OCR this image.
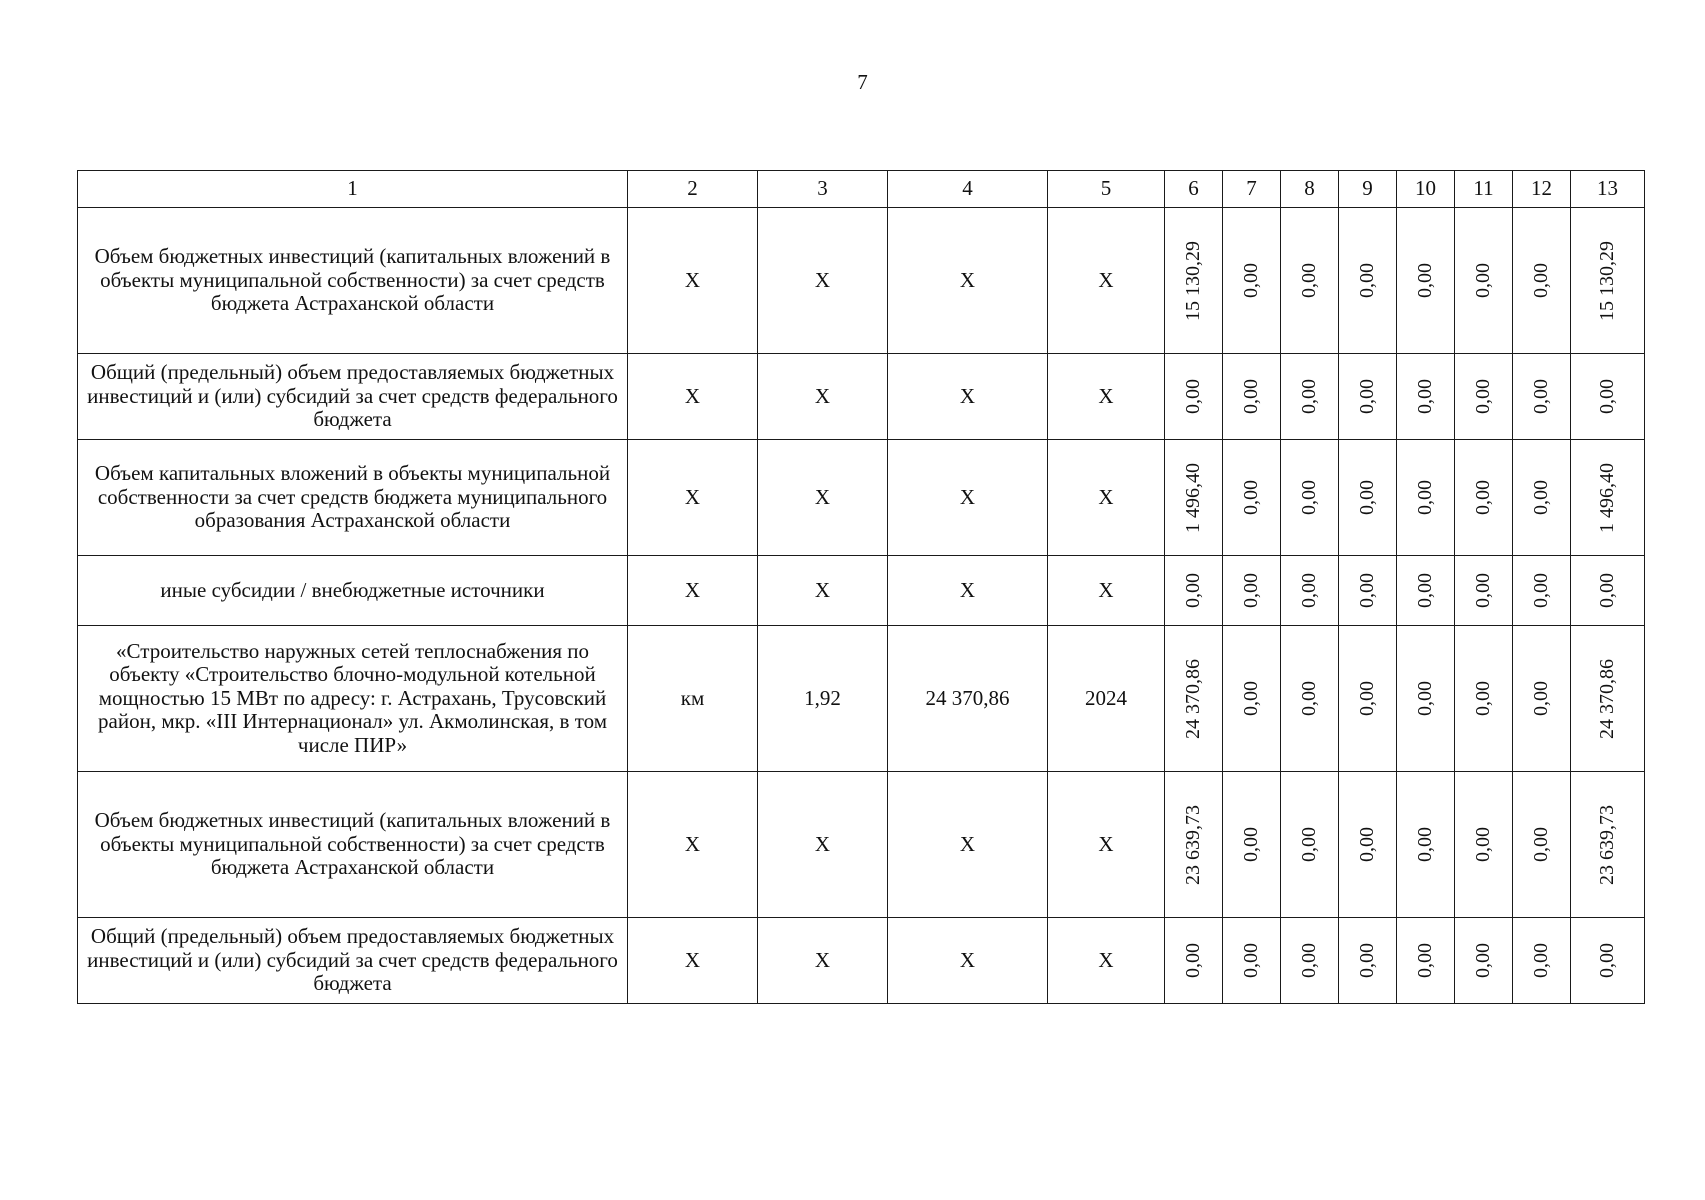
7
1	2	3	4	5	6	7	8	9	10	11	12	13
Объем бюджетных инвестиций (капитальных вложений в объекты муниципальной собственности) за счет средств бюджета Астраханской области	Х	Х	Х	Х	15 130,29	0,00	0,00	0,00	0,00	0,00	0,00	15 130,29

Общий (предельный) объем предоставляемых бюджетных инвестиций и (или) субсидий за счет средств федерального бюджета	Х	Х	Х	Х	0,00	0,00	0,00	0,00	0,00	0,00	0,00	0,00

Объем капитальных вложений в объекты муниципальной собственности за счет средств бюджета муниципального образования Астраханской области	Х	Х	Х	Х	1 496,40	0,00	0,00	0,00	0,00	0,00	0,00	1 496,40

иные субсидии / внебюджетные источники	Х	Х	Х	Х	0,00	0,00	0,00	0,00	0,00	0,00	0,00	0,00

«Строительство наружных сетей теплоснабжения по объекту «Строительство блочно-модульной котельной мощностью 15 МВт по адресу: г. Астрахань, Трусовский район, мкр. «III Интернационал» ул. Акмолинская, в том числе ПИР»	км	1,92	24 370,86	2024	24 370,86	0,00	0,00	0,00	0,00	0,00	0,00	24 370,86

Объем бюджетных инвестиций (капитальных вложений в объекты муниципальной собственности) за счет средств бюджета Астраханской области	Х	Х	Х	Х	23 639,73	0,00	0,00	0,00	0,00	0,00	0,00	23 639,73

Общий (предельный) объем предоставляемых бюджетных инвестиций и (или) субсидий за счет средств федерального бюджета	Х	Х	Х	Х	0,00	0,00	0,00	0,00	0,00	0,00	0,00	0,00
